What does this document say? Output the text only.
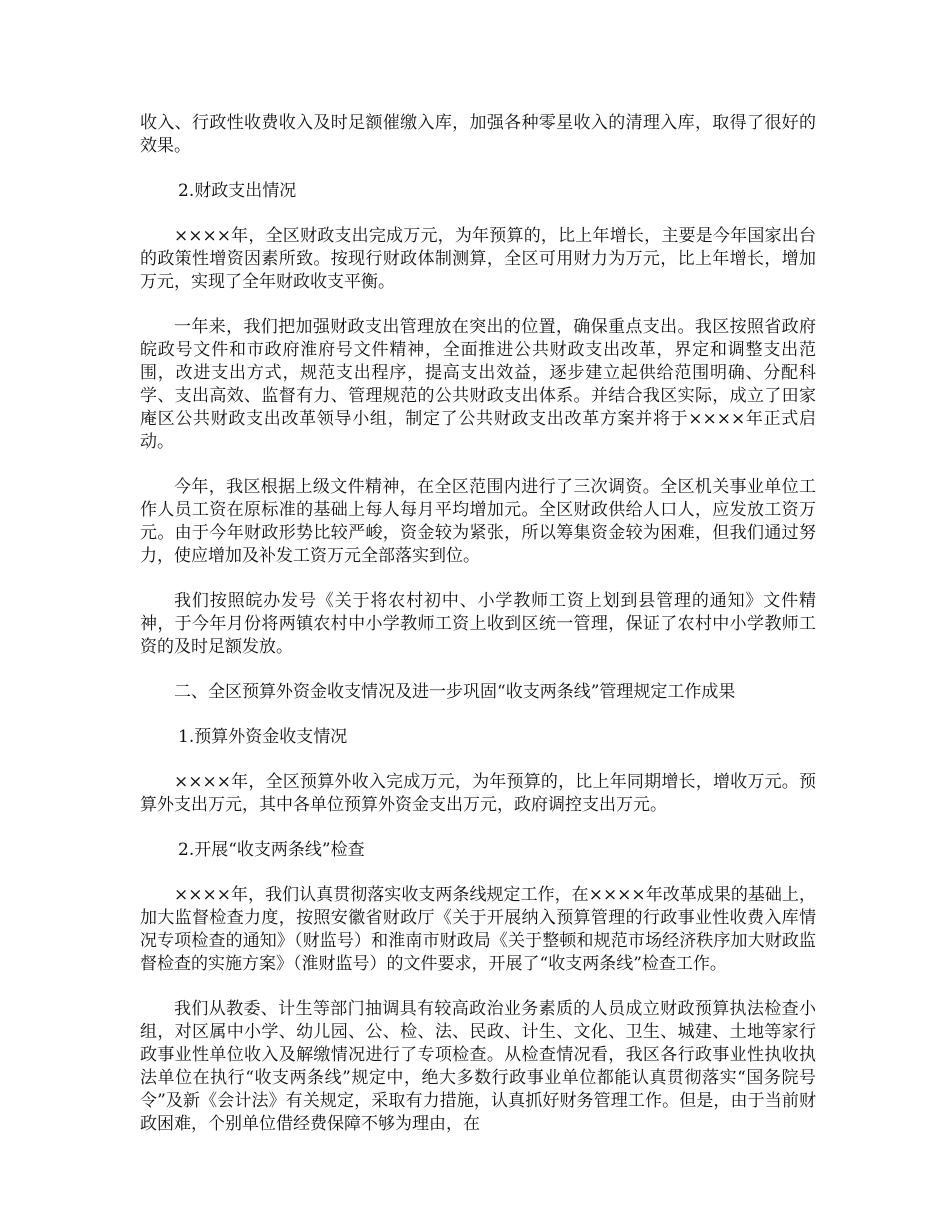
收入、行政性收费收入及时足额催缴入库，加强各种零星收入的清理入库，取得了很好的效果。

2.财政支出情况

××××年，全区财政支出完成万元，为年预算的，比上年增长，主要是今年国家出台的政策性增资因素所致。按现行财政体制测算，全区可用财力为万元，比上年增长，增加万元，实现了全年财政收支平衡。

一年来，我们把加强财政支出管理放在突出的位置，确保重点支出。我区按照省政府皖政号文件和市政府淮府号文件精神，全面推进公共财政支出改革，界定和调整支出范围，改进支出方式，规范支出程序，提高支出效益，逐步建立起供给范围明确、分配科学、支出高效、监督有力、管理规范的公共财政支出体系。并结合我区实际，成立了田家庵区公共财政支出改革领导小组，制定了公共财政支出改革方案并将于××××年正式启动。

今年，我区根据上级文件精神，在全区范围内进行了三次调资。全区机关事业单位工作人员工资在原标准的基础上每人每月平均增加元。全区财政供给人口人，应发放工资万元。由于今年财政形势比较严峻，资金较为紧张，所以筹集资金较为困难，但我们通过努力，使应增加及补发工资万元全部落实到位。

我们按照皖办发号《关于将农村初中、小学教师工资上划到县管理的通知》文件精神，于今年月份将两镇农村中小学教师工资上收到区统一管理，保证了农村中小学教师工资的及时足额发放。

二、全区预算外资金收支情况及进一步巩固“收支两条线”管理规定工作成果

1.预算外资金收支情况

××××年，全区预算外收入完成万元，为年预算的，比上年同期增长，增收万元。预算外支出万元，其中各单位预算外资金支出万元，政府调控支出万元。

2.开展“收支两条线”检查

××××年，我们认真贯彻落实收支两条线规定工作，在××××年改革成果的基础上，加大监督检查力度，按照安徽省财政厅《关于开展纳入预算管理的行政事业性收费入库情况专项检查的通知》（财监号）和淮南市财政局《关于整顿和规范市场经济秩序加大财政监督检查的实施方案》（淮财监号）的文件要求，开展了“收支两条线”检查工作。

我们从教委、计生等部门抽调具有较高政治业务素质的人员成立财政预算执法检查小组，对区属中小学、幼儿园、公、检、法、民政、计生、文化、卫生、城建、土地等家行政事业性单位收入及解缴情况进行了专项检查。从检查情况看，我区各行政事业性执收执法单位在执行“收支两条线”规定中，绝大多数行政事业单位都能认真贯彻落实“国务院号令”及新《会计法》有关规定，采取有力措施，认真抓好财务管理工作。但是，由于当前财政困难，个别单位借经费保障不够为理由，在
